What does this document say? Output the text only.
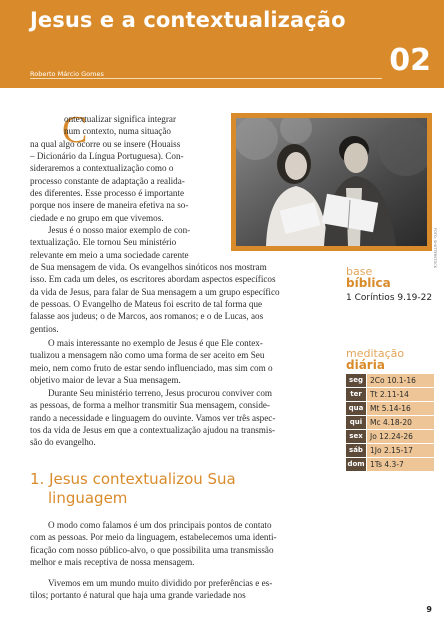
Jesus e a contextualização
Roberto Márcio Gomes	02
C
ontextualizar significa integrar
num contexto, numa situação
na qual algo ocorre ou se insere (Houaiss
– Dicionário da Língua Portuguesa). Con-
sideraremos a contextualização como o
processo constante de adaptação a realida-
des diferentes. Esse processo é importante
porque nos insere de maneira efetiva na so-
ciedade e no grupo em que vivemos.
FOTO: SHUTTERSTOCK
Jesus é o nosso maior exemplo de con-
textualização. Ele tornou Seu ministério
relevante em meio a uma sociedade carente
de Sua mensagem de vida. Os evangelhos sinóticos nos mostram
isso. Em cada um deles, os escritores abordam aspectos específicos
da vida de Jesus, para falar de Sua mensagem a um grupo específico
de pessoas. O Evangelho de Mateus foi escrito de tal forma que
falasse aos judeus; o de Marcos, aos romanos; e o de Lucas, aos
gentios.
O mais interessante no exemplo de Jesus é que Ele contex-
tualizou a mensagem não como uma forma de ser aceito em Seu
meio, nem como fruto de estar sendo influenciado, mas sim com o
objetivo maior de levar a Sua mensagem.
Durante Seu ministério terreno, Jesus procurou conviver com
as pessoas, de forma a melhor transmitir Sua mensagem, conside-
rando a necessidade e linguagem do ouvinte. Vamos ver três aspec-
tos da vida de Jesus em que a contextualização ajudou na transmis-
são do evangelho.
1. Jesus contextualizou Sua
linguagem
O modo como falamos é um dos principais pontos de contato
com as pessoas. Por meio da linguagem, estabelecemos uma identi-
ficação com nosso público-alvo, o que possibilita uma transmissão
melhor e mais receptiva de nossa mensagem.
Vivemos em um mundo muito dividido por preferências e es-
tilos; portanto é natural que haja uma grande variedade nos
base
bíblica
1 Coríntios 9.19-22
meditação
diária
seg 2Co 10.1-16
ter	Tt 2.11-14
qua Mt 5.14-16
qui	Mc 4.18-20
sex Jo 12.24-26
sáb 1Jo 2.15-17
dom 1Ts 4.3-7
9
